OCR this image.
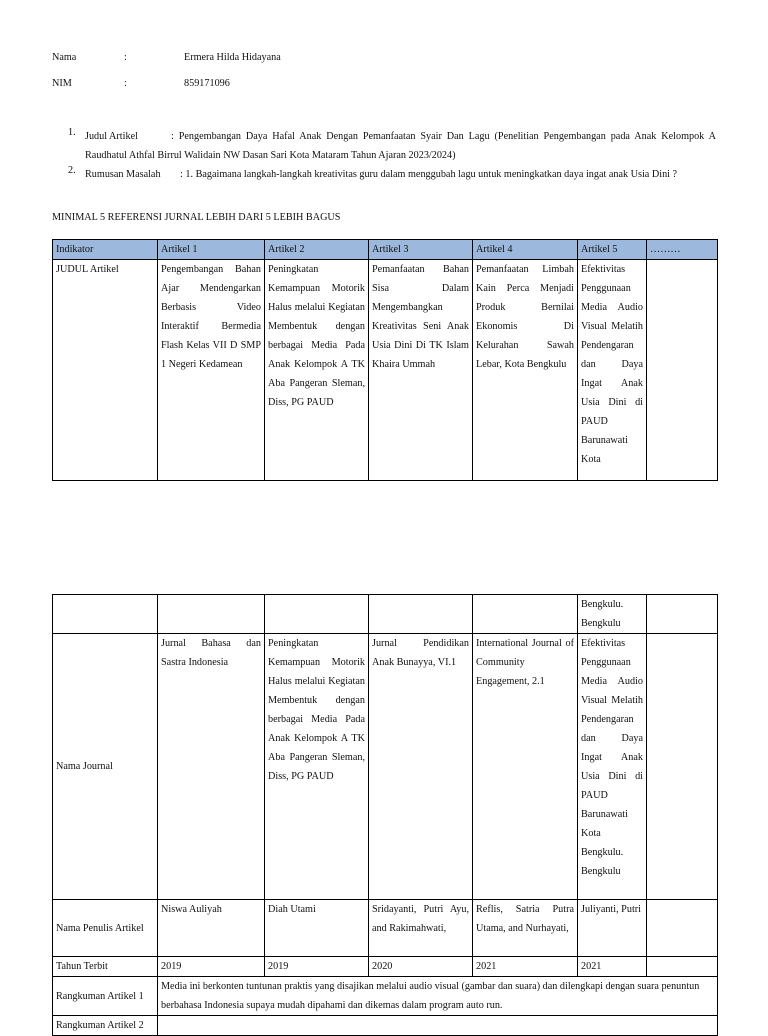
Nama	:	Ermera Hilda Hidayana
NIM	:	859171096
1. Judul Artikel	: Pengembangan Daya Hafal Anak Dengan Pemanfaatan Syair Dan Lagu (Penelitian Pengembangan pada Anak Kelompok A Raudhatul Athfal Birrul Walidain NW Dasan Sari Kota Mataram Tahun Ajaran 2023/2024)
2. Rumusan Masalah : 1. Bagaimana langkah-langkah kreativitas guru dalam menggubah lagu untuk meningkatkan daya ingat anak Usia Dini ?
MINIMAL 5 REFERENSI JURNAL LEBIH DARI 5 LEBIH BAGUS
Indikator	Artikel 1	Artikel 2	Artikel 3	Artikel 4	Artikel 5	………
JUDUL Artikel	Pengembangan Bahan Ajar Mendengarkan Berbasis Video Interaktif Bermedia Flash Kelas VII D SMP 1 Negeri Kedamean	Peningkatan Kemampuan Motorik Halus melalui Kegiatan Membentuk dengan berbagai Media Pada Anak Kelompok A TK Aba Pangeran Sleman, Diss, PG PAUD	Pemanfaatan Bahan Sisa Dalam Mengembangkan Kreativitas Seni Anak Usia Dini Di TK Islam Khaira Ummah	Pemanfaatan Limbah Kain Perca Menjadi Produk Bernilai Ekonomis Di Kelurahan Sawah Lebar, Kota Bengkulu	Efektivitas Penggunaan Media Audio Visual Melatih Pendengaran dan Daya Ingat Anak Usia Dini di PAUD Barunawati Kota	
					Bengkulu. Bengkulu	
Nama Journal	Jurnal Bahasa dan Sastra Indonesia	Peningkatan Kemampuan Motorik Halus melalui Kegiatan Membentuk dengan berbagai Media Pada Anak Kelompok A TK Aba Pangeran Sleman, Diss, PG PAUD	Jurnal Pendidikan Anak Bunayya, VI.1	International Journal of Community Engagement, 2.1	Efektivitas Penggunaan Media Audio Visual Melatih Pendengaran dan Daya Ingat Anak Usia Dini di PAUD Barunawati Kota Bengkulu. Bengkulu	
Nama Penulis Artikel	Niswa Auliyah	Diah Utami	Sridayanti, Putri Ayu, and Rakimahwati,	Reflis, Satria Putra Utama, and Nurhayati,	Juliyanti, Putri	
Tahun Terbit	2019	2019	2020	2021	2021	
Rangkuman Artikel 1	Media ini berkonten tuntunan praktis yang disajikan melalui audio visual (gambar dan suara) dan dilengkapi dengan suara penuntun berbahasa Indonesia supaya mudah dipahami dan dikemas dalam program auto run.					
Rangkuman Artikel 2						
